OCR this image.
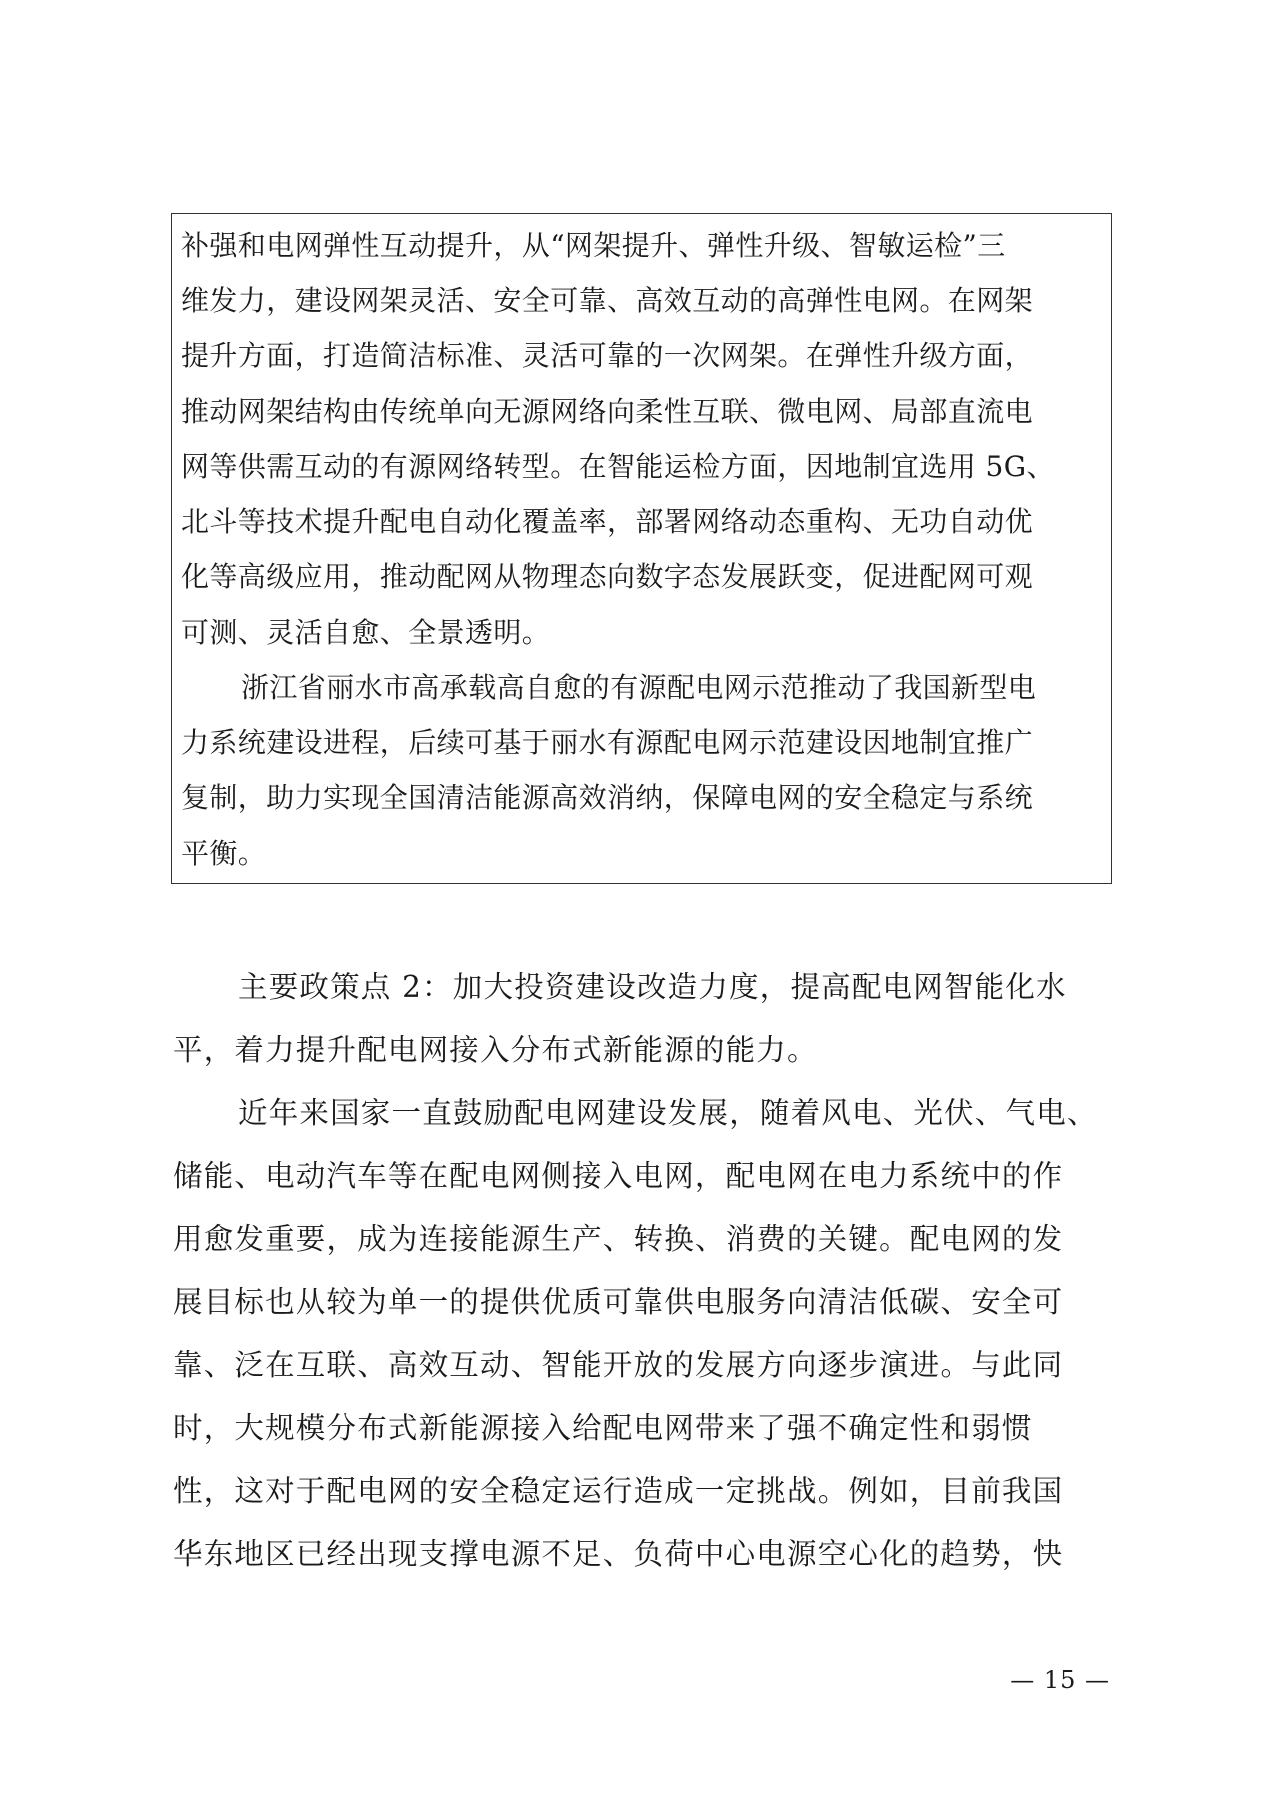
补强和电网弹性互动提升，从“网架提升、弹性升级、智敏运检”三
维发力，建设网架灵活、安全可靠、高效互动的高弹性电网。在网架
提升方面，打造简洁标准、灵活可靠的一次网架。在弹性升级方面，
推动网架结构由传统单向无源网络向柔性互联、微电网、局部直流电
网等供需互动的有源网络转型。在智能运检方面，因地制宜选用 5G、
北斗等技术提升配电自动化覆盖率，部署网络动态重构、无功自动优
化等高级应用，推动配网从物理态向数字态发展跃变，促进配网可观
可测、灵活自愈、全景透明。
浙江省丽水市高承载高自愈的有源配电网示范推动了我国新型电
力系统建设进程，后续可基于丽水有源配电网示范建设因地制宜推广
复制，助力实现全国清洁能源高效消纳，保障电网的安全稳定与系统
平衡。
主要政策点 2：加大投资建设改造力度，提高配电网智能化水
平，着力提升配电网接入分布式新能源的能力。
近年来国家一直鼓励配电网建设发展，随着风电、光伏、气电、
储能、电动汽车等在配电网侧接入电网，配电网在电力系统中的作
用愈发重要，成为连接能源生产、转换、消费的关键。配电网的发
展目标也从较为单一的提供优质可靠供电服务向清洁低碳、安全可
靠、泛在互联、高效互动、智能开放的发展方向逐步演进。与此同
时，大规模分布式新能源接入给配电网带来了强不确定性和弱惯
性，这对于配电网的安全稳定运行造成一定挑战。例如，目前我国
华东地区已经出现支撑电源不足、负荷中心电源空心化的趋势，快
— 15 —
